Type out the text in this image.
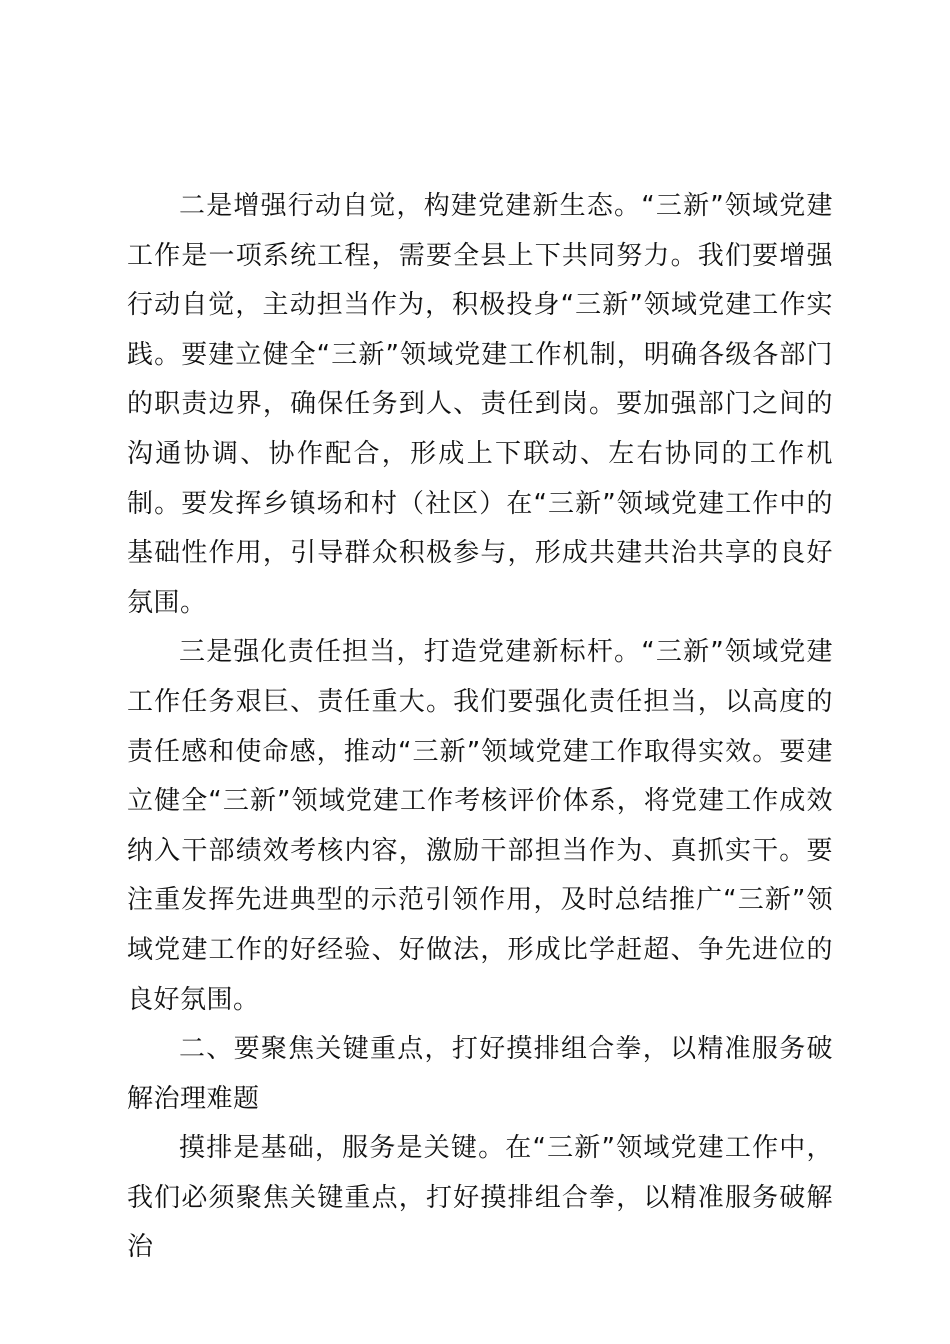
二是增强行动自觉，构建党建新生态。“三新”领域党建工作是一项系统工程，需要全县上下共同努力。我们要增强行动自觉，主动担当作为，积极投身“三新”领域党建工作实践。要建立健全“三新”领域党建工作机制，明确各级各部门的职责边界，确保任务到人、责任到岗。要加强部门之间的沟通协调、协作配合，形成上下联动、左右协同的工作机制。要发挥乡镇场和村（社区）在“三新”领域党建工作中的基础性作用，引导群众积极参与，形成共建共治共享的良好氛围。

三是强化责任担当，打造党建新标杆。“三新”领域党建工作任务艰巨、责任重大。我们要强化责任担当，以高度的责任感和使命感，推动“三新”领域党建工作取得实效。要建立健全“三新”领域党建工作考核评价体系，将党建工作成效纳入干部绩效考核内容，激励干部担当作为、真抓实干。要注重发挥先进典型的示范引领作用，及时总结推广“三新”领域党建工作的好经验、好做法，形成比学赶超、争先进位的良好氛围。

二、要聚焦关键重点，打好摸排组合拳，以精准服务破解治理难题

摸排是基础，服务是关键。在“三新”领域党建工作中，我们必须聚焦关键重点，打好摸排组合拳，以精准服务破解治
